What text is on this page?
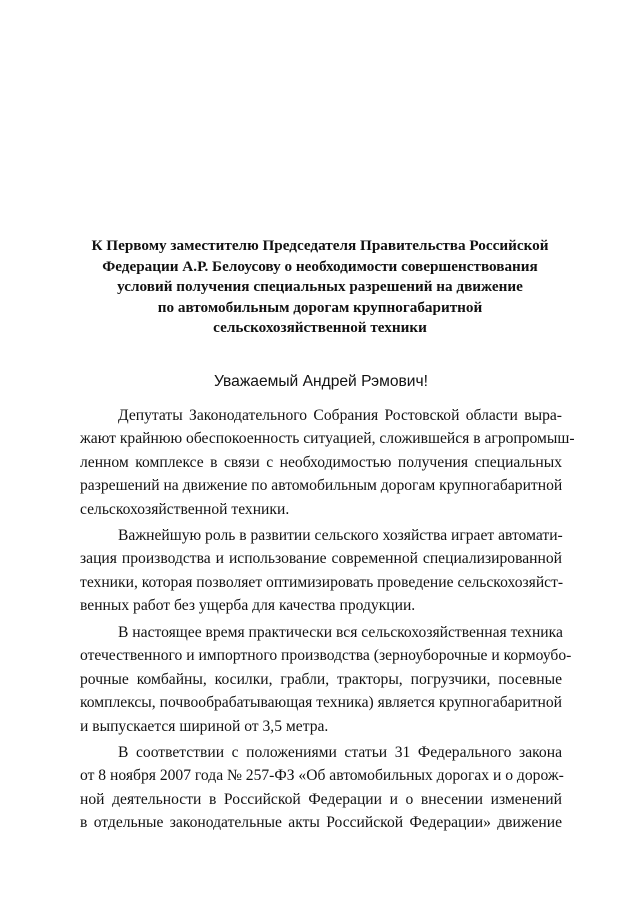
К Первому заместителю Председателя Правительства Российской
Федерации А.Р. Белоусову о необходимости совершенствования
условий получения специальных разрешений на движение
по автомобильным дорогам крупногабаритной
сельскохозяйственной техники
Уважаемый Андрей Рэмович!
Депутаты Законодательного Собрания Ростовской области выра-
жают крайнюю обеспокоенность ситуацией, сложившейся в агропромыш-
ленном комплексе в связи с необходимостью получения специальных
разрешений на движение по автомобильным дорогам крупногабаритной
сельскохозяйственной техники.
Важнейшую роль в развитии сельского хозяйства играет автомати-
зация производства и использование современной специализированной
техники, которая позволяет оптимизировать проведение сельскохозяйст-
венных работ без ущерба для качества продукции.
В настоящее время практически вся сельскохозяйственная техника
отечественного и импортного производства (зерноуборочные и кормоубо-
рочные комбайны, косилки, грабли, тракторы, погрузчики, посевные
комплексы, почвообрабатывающая техника) является крупногабаритной
и выпускается шириной от 3,5 метра.
В соответствии с положениями статьи 31 Федерального закона
от 8 ноября 2007 года № 257-ФЗ «Об автомобильных дорогах и о дорож-
ной деятельности в Российской Федерации и о внесении изменений
в отдельные законодательные акты Российской Федерации» движение
